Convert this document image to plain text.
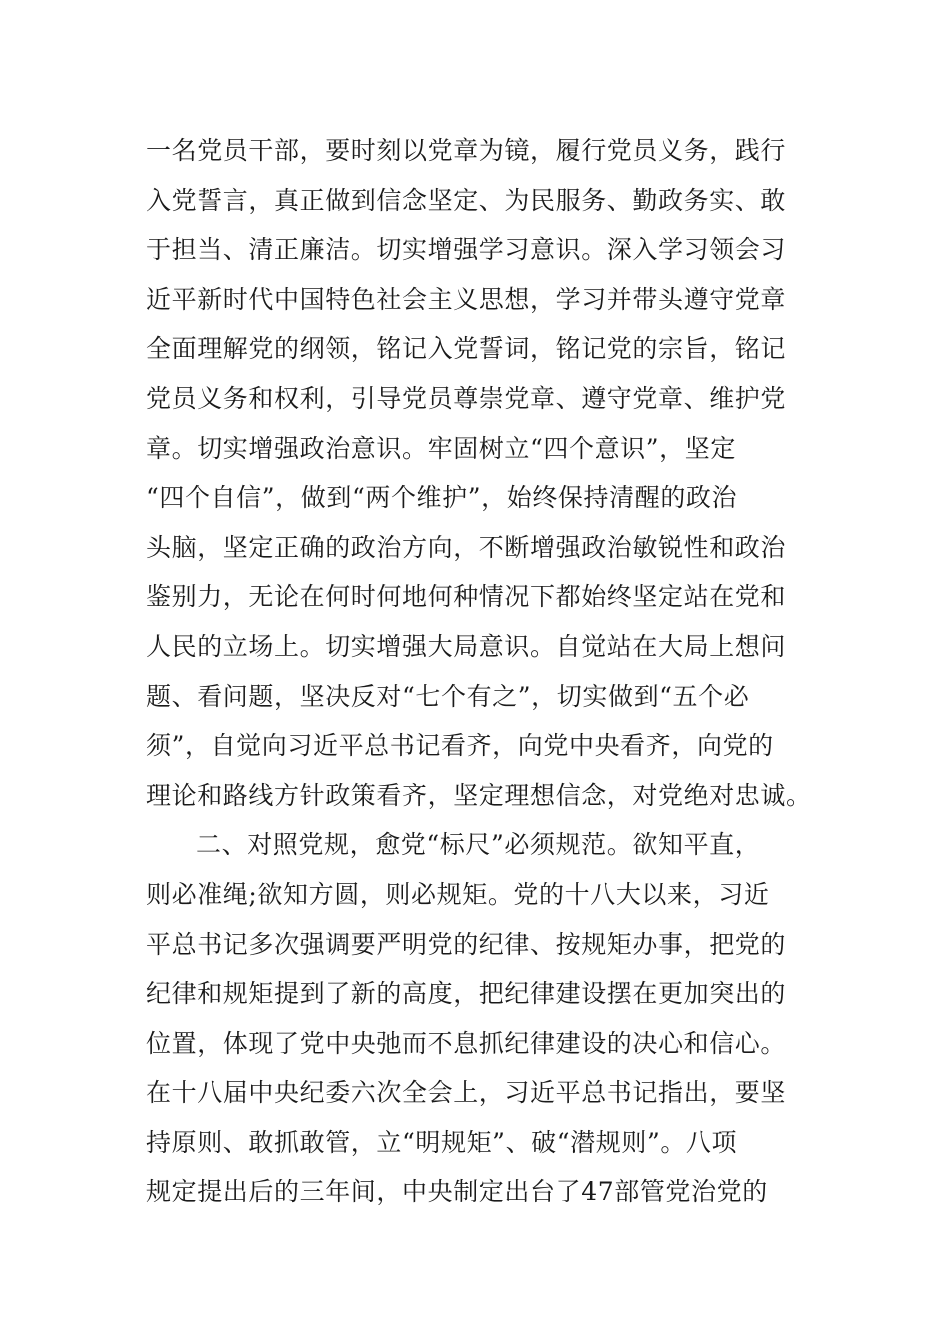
一名党员干部，要时刻以党章为镜，履行党员义务，践行
入党誓言，真正做到信念坚定、为民服务、勤政务实、敢
于担当、清正廉洁。切实增强学习意识。深入学习领会习
近平新时代中国特色社会主义思想，学习并带头遵守党章
全面理解党的纲领，铭记入党誓词，铭记党的宗旨，铭记
党员义务和权利，引导党员尊崇党章、遵守党章、维护党
章。切实增强政治意识。牢固树立“四个意识”，坚定
“四个自信”，做到“两个维护”，始终保持清醒的政治
头脑，坚定正确的政治方向，不断增强政治敏锐性和政治
鉴别力，无论在何时何地何种情况下都始终坚定站在党和
人民的立场上。切实增强大局意识。自觉站在大局上想问
题、看问题，坚决反对“七个有之”，切实做到“五个必
须”，自觉向习近平总书记看齐，向党中央看齐，向党的
理论和路线方针政策看齐，坚定理想信念，对党绝对忠诚。
二、对照党规，愈党“标尺”必须规范。欲知平直，
则必准绳;欲知方圆，则必规矩。党的十八大以来，习近
平总书记多次强调要严明党的纪律、按规矩办事，把党的
纪律和规矩提到了新的高度，把纪律建设摆在更加突出的
位置，体现了党中央弛而不息抓纪律建设的决心和信心。
在十八届中央纪委六次全会上，习近平总书记指出，要坚
持原则、敢抓敢管，立“明规矩”、破“潜规则”。八项
规定提出后的三年间，中央制定出台了47部管党治党的
